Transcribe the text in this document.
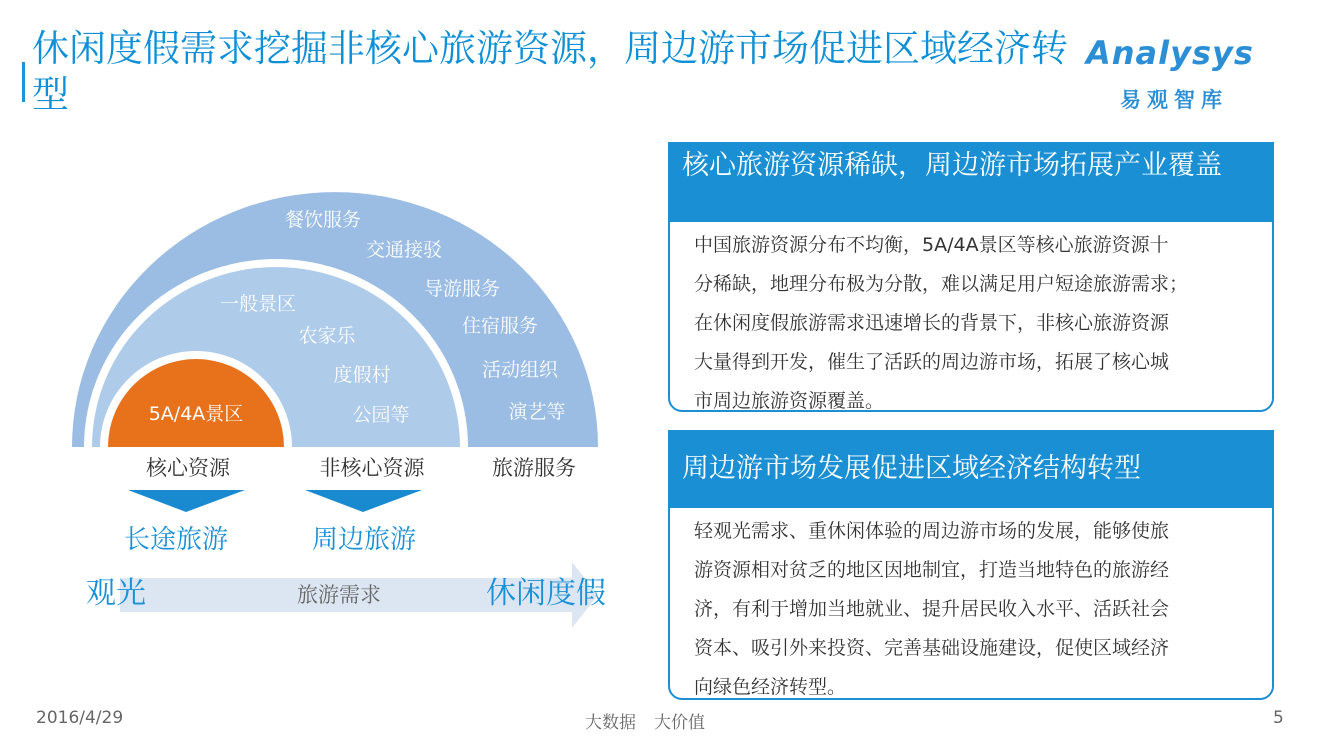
休闲度假需求挖掘非核心旅游资源，周边游市场促进区域经济转型
Analysys
易观智库
餐饮服务
交通接驳
导游服务
住宿服务
活动组织
演艺等
一般景区
农家乐
度假村
公园等
5A/4A景区
核心资源	非核心资源	旅游服务
长途旅游	周边旅游
观光	旅游需求	休闲度假
核心旅游资源稀缺，周边游市场拓展产业覆盖
中国旅游资源分布不均衡，5A/4A景区等核心旅游资源十
分稀缺，地理分布极为分散，难以满足用户短途旅游需求；
在休闲度假旅游需求迅速增长的背景下，非核心旅游资源
大量得到开发，催生了活跃的周边游市场，拓展了核心城
市周边旅游资源覆盖。
周边游市场发展促进区域经济结构转型
轻观光需求、重休闲体验的周边游市场的发展，能够使旅
游资源相对贫乏的地区因地制宜，打造当地特色的旅游经
济，有利于增加当地就业、提升居民收入水平、活跃社会
资本、吸引外来投资、完善基础设施建设，促使区域经济
向绿色经济转型。
2016/4/29	大数据 大价值	5
